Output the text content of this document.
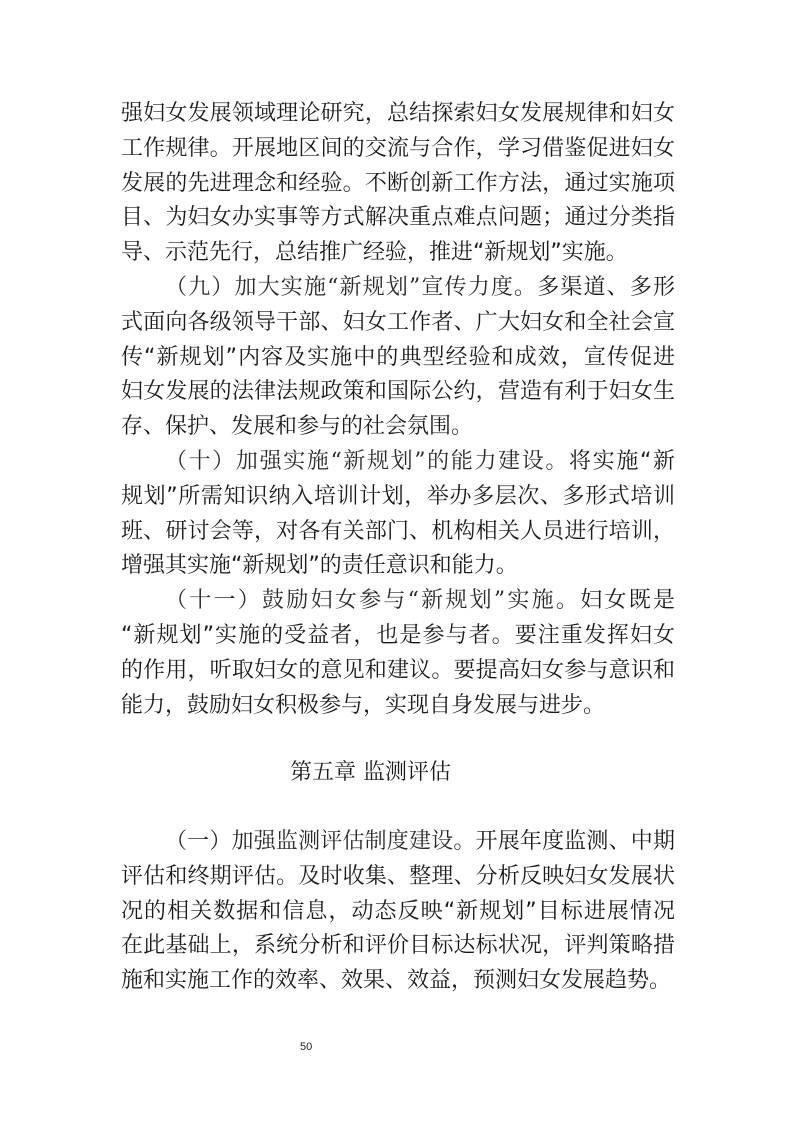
强妇女发展领域理论研究，总结探索妇女发展规律和妇女
工作规律。开展地区间的交流与合作，学习借鉴促进妇女
发展的先进理念和经验。不断创新工作方法，通过实施项
目、为妇女办实事等方式解决重点难点问题；通过分类指
导、示范先行，总结推广经验，推进“新规划”实施。
（九）加大实施“新规划”宣传力度。多渠道、多形
式面向各级领导干部、妇女工作者、广大妇女和全社会宣
传“新规划”内容及实施中的典型经验和成效，宣传促进
妇女发展的法律法规政策和国际公约，营造有利于妇女生
存、保护、发展和参与的社会氛围。
（十）加强实施“新规划”的能力建设。将实施“新
规划”所需知识纳入培训计划，举办多层次、多形式培训
班、研讨会等，对各有关部门、机构相关人员进行培训，
增强其实施“新规划”的责任意识和能力。
（十一）鼓励妇女参与“新规划”实施。妇女既是
“新规划”实施的受益者，也是参与者。要注重发挥妇女
的作用，听取妇女的意见和建议。要提高妇女参与意识和
能力，鼓励妇女积极参与，实现自身发展与进步。
第五章 监测评估
（一）加强监测评估制度建设。开展年度监测、中期
评估和终期评估。及时收集、整理、分析反映妇女发展状
况的相关数据和信息，动态反映“新规划”目标进展情况
在此基础上，系统分析和评价目标达标状况，评判策略措
施和实施工作的效率、效果、效益，预测妇女发展趋势。
50
